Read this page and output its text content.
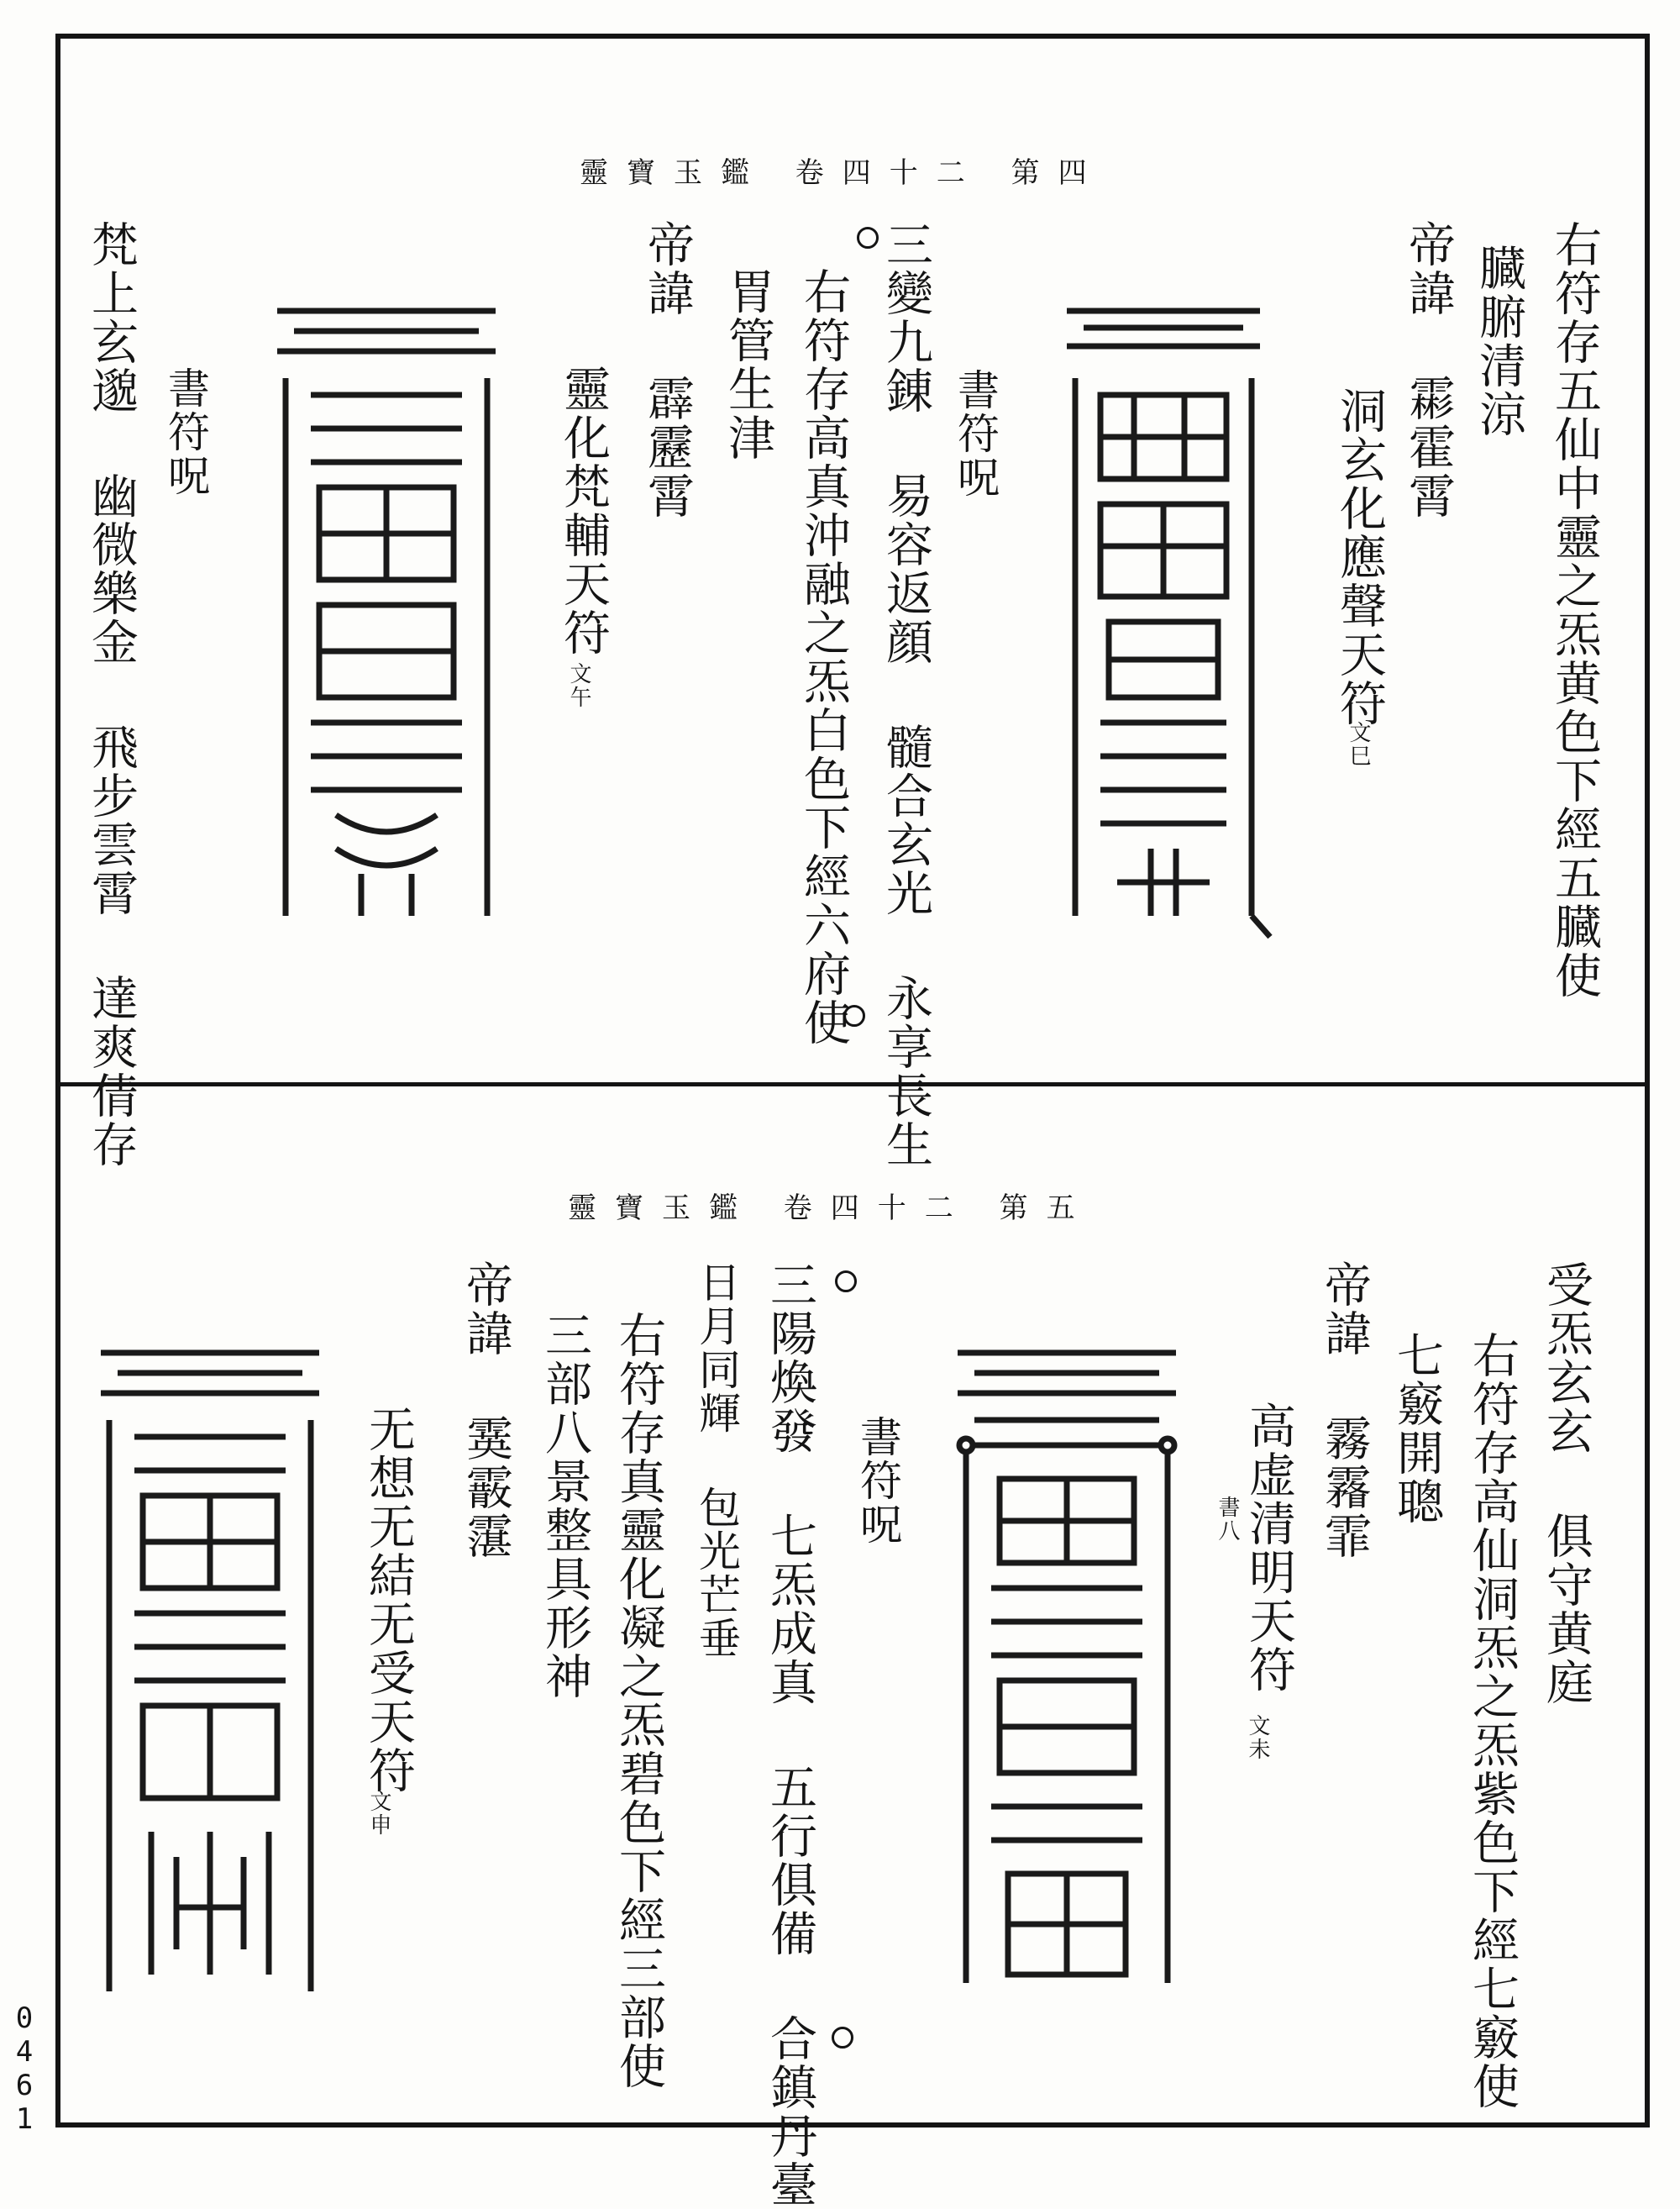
靈寶玉鑑 卷四十二 第四
右符存五仙中靈之炁黄色下經五臓使
臓腑清涼
帝諱 霦霍霄
洞玄化應聲天符
文巳
書符呪
三變九錬 易容返顔 髓合玄光 永享長生
右符存高真沖融之炁白色下經六府使
胃管生津
帝諱 霹靂霄
靈化梵輔天符
文午
書符呪
梵上玄邈 幽微樂金 飛步雲霄 達爽倩存
靈寶玉鑑 卷四十二 第五
受炁玄玄 俱守黄庭
右符存高仙洞炁之炁紫色下經七竅使
七竅開聰
帝諱 霧霿霏
高虚清明天符
文未
書八
書符呪
三陽煥發 七炁成真 五行俱備 合鎮丹臺
日月同輝 包光芒垂
右符存真靈化凝之炁碧色下經三部使
三部八景整具形神
帝諱 霙霰霮
无想无結无受天符
文申
0
4
6
1
